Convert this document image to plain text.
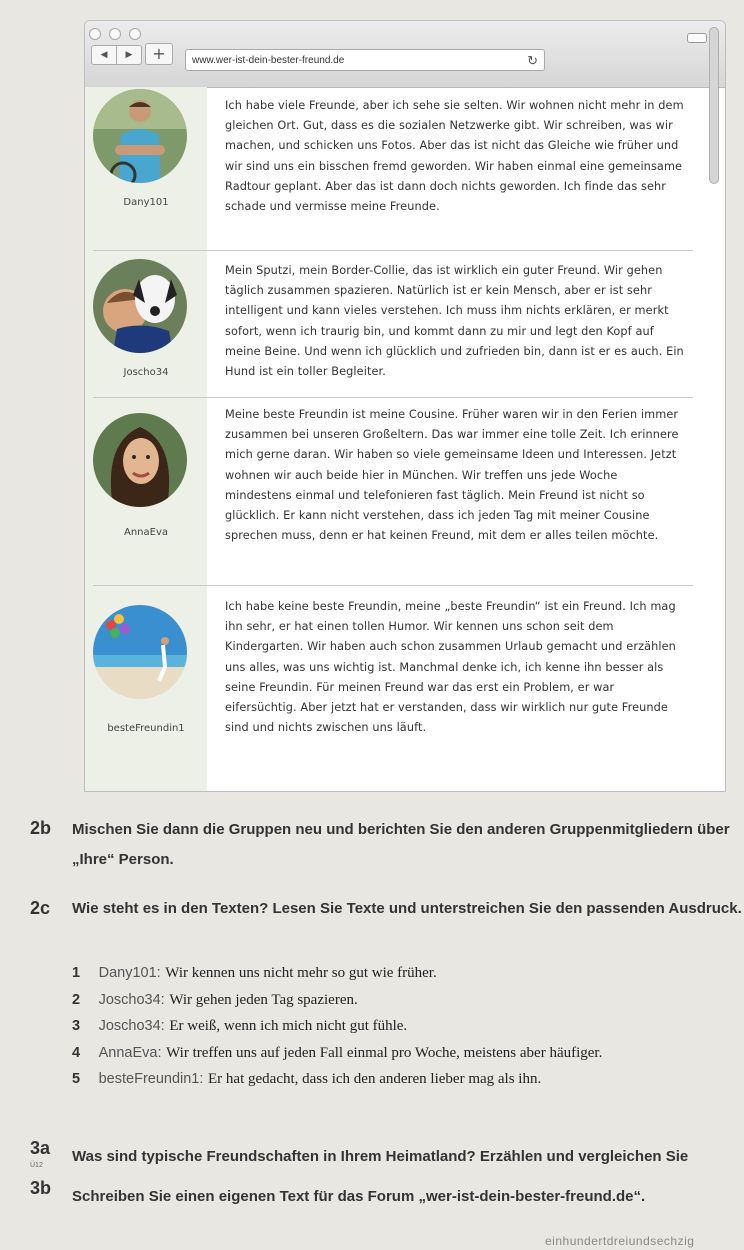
◀	▶	+	www.wer-ist-dein-bester-freund.de	↻
Dany101

Ich habe viele Freunde, aber ich sehe sie selten. Wir wohnen nicht mehr in dem gleichen Ort. Gut, dass es die sozialen Netzwerke gibt. Wir schreiben, was wir machen, und schicken uns Fotos. Aber das ist nicht das Gleiche wie früher und wir sind uns ein bisschen fremd geworden. Wir haben einmal eine gemeinsame Radtour geplant. Aber das ist dann doch nichts geworden. Ich finde das sehr schade und vermisse meine Freunde.

Joscho34

Mein Sputzi, mein Border-Collie, das ist wirklich ein guter Freund. Wir gehen täglich zusammen spazieren. Natürlich ist er kein Mensch, aber er ist sehr intelligent und kann vieles verstehen. Ich muss ihm nichts erklären, er merkt sofort, wenn ich traurig bin, und kommt dann zu mir und legt den Kopf auf meine Beine. Und wenn ich glücklich und zufrieden bin, dann ist er es auch. Ein Hund ist ein toller Begleiter.

AnnaEva

Meine beste Freundin ist meine Cousine. Früher waren wir in den Ferien immer zusammen bei unseren Großeltern. Das war immer eine tolle Zeit. Ich erinnere mich gerne daran. Wir haben so viele gemeinsame Ideen und Interessen. Jetzt wohnen wir auch beide hier in München. Wir treffen uns jede Woche mindestens einmal und telefonieren fast täglich. Mein Freund ist nicht so glücklich. Er kann nicht verstehen, dass ich jeden Tag mit meiner Cousine sprechen muss, denn er hat keinen Freund, mit dem er alles teilen möchte.

besteFreundin1

Ich habe keine beste Freundin, meine „beste Freundin“ ist ein Freund. Ich mag ihn sehr, er hat einen tollen Humor. Wir kennen uns schon seit dem Kindergarten. Wir haben auch schon zusammen Urlaub gemacht und erzählen uns alles, was uns wichtig ist. Manchmal denke ich, ich kenne ihn besser als seine Freundin. Für meinen Freund war das erst ein Problem, er war eifersüchtig. Aber jetzt hat er verstanden, dass wir wirklich nur gute Freunde sind und nichts zwischen uns läuft.

2b Mischen Sie dann die Gruppen neu und berichten Sie den anderen Gruppenmitgliedern über „Ihre“ Person.
2c Wie steht es in den Texten? Lesen Sie Texte und unterstreichen Sie den passenden Ausdruck.
1 Dany101: Wir kennen uns nicht mehr so gut wie früher.
2 Joscho34: Wir gehen jeden Tag spazieren.
3 Joscho34: Er weiß, wenn ich mich nicht gut fühle.
4 AnnaEva: Wir treffen uns auf jeden Fall einmal pro Woche, meistens aber häufiger.
5 besteFreundin1: Er hat gedacht, dass ich den anderen lieber mag als ihn.
3a
Ü12
Was sind typische Freundschaften in Ihrem Heimatland? Erzählen und vergleichen Sie
3b Schreiben Sie einen eigenen Text für das Forum „wer-ist-dein-bester-freund.de“.
einhundertdreiundsechzig
